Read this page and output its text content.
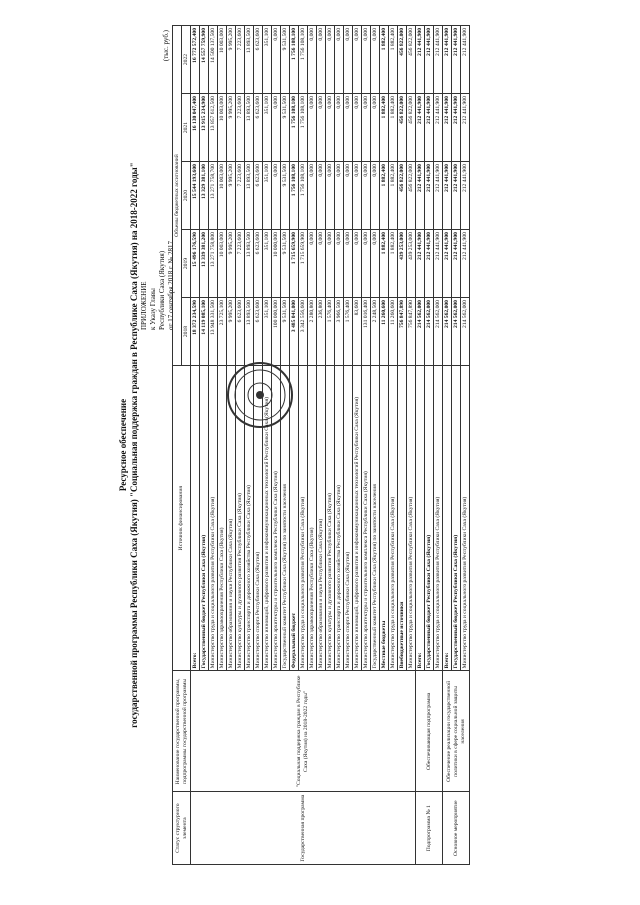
ПРИЛОЖЕНИЕ к Указу Главы Республики Саха (Якутия) от 17 сентября 2018 г. № 2817
Ресурсное обеспечение государственной программы Республики Саха (Якутия) "Социальная поддержка граждан в Республике Саха (Якутия) на 2018-2022 годы"
(тыс. руб.)
Статус структурного элемента	Наименование государственной программы, подпрограммы государственной программы	Источник финансирования	Объемы бюджетных ассигнований				
			2018	2019	2020	2021	2022
Государственная программа	"Социальная поддержка граждан в Республике Саха (Якутия) на 2018-2022 годы"	Всего:	18 372 234,590	15 496 176,590	15 544 193,600	16 130 047,400	16 772 572,400
		Государственный бюджет Республики Саха (Якутия)	14 119 085,100	13 339 381,200	13 329 381,100	13 915 234,900	14 557 759,900
		Министерство труда и социального развития Республики Саха (Якутия)	13 948 331,500	13 271 758,800	13 271 758,700	13 857 612,500	14 500 137,500
		Министерство здравоохранения Республики Саха (Якутия)	23 725,100	10 003,000	10 003,000	10 003,000	10 003,000
		Министерство образования и науки Республики Саха (Якутия)	9 995,200	9 995,200	9 995,200	9 995,200	9 995,200
		Министерство культуры и духовного развития Республики Саха (Якутия)	6 623,600	7 223,600	7 223,600	7 223,600	7 223,600
		Министерство транспорта и дорожного хозяйства Республики Саха (Якутия)	13 893,500	13 893,500	13 893,500	13 893,500	13 893,500
		Министерство спорта Республики Саха (Якутия)	6 623,600	6 623,600	6 623,600	6 623,600	6 623,600
		Министерство инноваций, цифрового развития и инфокоммуникационных технологий Республики Саха (Якутия)	351,100	351,100	351,100	351,100	351,100
		Министерство архитектуры и строительного комплекса Республики Саха (Якутия)	100 000,000	10 000,000	0,000	0,000	0,000
		Государственный комитет Республики Саха (Якутия) по занятости населения	9 531,500	9 531,500	9 531,500	9 531,500	9 531,500
		Федеральный бюджет	3 485 041,000	1 715 659,900	1 756 108,100	1 756 108,100	1 756 108,100
		Министерство труда и социального развития Республики Саха (Якутия)	3 342 556,600	1 715 659,900	1 756 108,100	1 756 108,100	1 756 108,100
		Министерство здравоохранения Республики Саха (Якутия)	2 280,800	0,000	0,000	0,000	0,000
		Министерство образования и науки Республики Саха (Якутия)	236,800	0,000	0,000	0,000	0,000
		Министерство культуры и духовного развития Республики Саха (Якутия)	1 576,400	0,000	0,000	0,000	0,000
		Министерство транспорта и дорожного хозяйства Республики Саха (Якутия)	3 966,500	0,000	0,000	0,000	0,000
		Министерство спорта Республики Саха (Якутия)	1 576,400	0,000	0,000	0,000	0,000
		Министерство инноваций, цифрового развития и инфокоммуникационных технологий Республики Саха (Якутия)	83,600	0,000	0,000	0,000	0,000
		Министерство архитектуры и строительного комплекса Республики Саха (Якутия)	131 016,400	0,000	0,000	0,000	0,000
		Государственный комитет Республики Саха (Якутия) по занятости населения	2 248,500	0,000	0,000	0,000	0,000
		Местные бюджеты	11 260,600	1 882,400	1 882,400	1 882,400	1 882,400
		Министерство труда и социального развития Республики Саха (Якутия)	11 260,600	1 882,400	1 882,400	1 882,400	1 882,400
		Внебюджетные источники	756 847,890	439 253,000	456 822,000	456 822,000	456 822,000
		Министерство труда и социального развития Республики Саха (Якутия)	756 847,890	439 253,000	456 822,000	456 822,000	456 822,000
Подпрограмма № 1	Обеспечивающая подпрограмма	Всего:	214 562,000	212 441,900	212 441,900	212 441,900	212 441,900
		Государственный бюджет Республики Саха (Якутия)	214 562,000	212 441,900	212 441,900	212 441,900	212 441,900
		Министерство труда и социального развития Республики Саха (Якутия)	214 562,000	212 441,900	212 441,900	212 441,900	212 441,900
Основное мероприятие	Обеспечение реализации государственной политики в сфере социальной защиты населения	Всего:	214 562,000	212 441,900	212 441,900	212 441,900	212 441,900
		Государственный бюджет Республики Саха (Якутия)	214 562,000	212 441,900	212 441,900	212 441,900	212 441,900
		Министерство труда и социального развития Республики Саха (Якутия)	214 562,000	212 441,900	212 441,900	212 441,900	212 441,900
